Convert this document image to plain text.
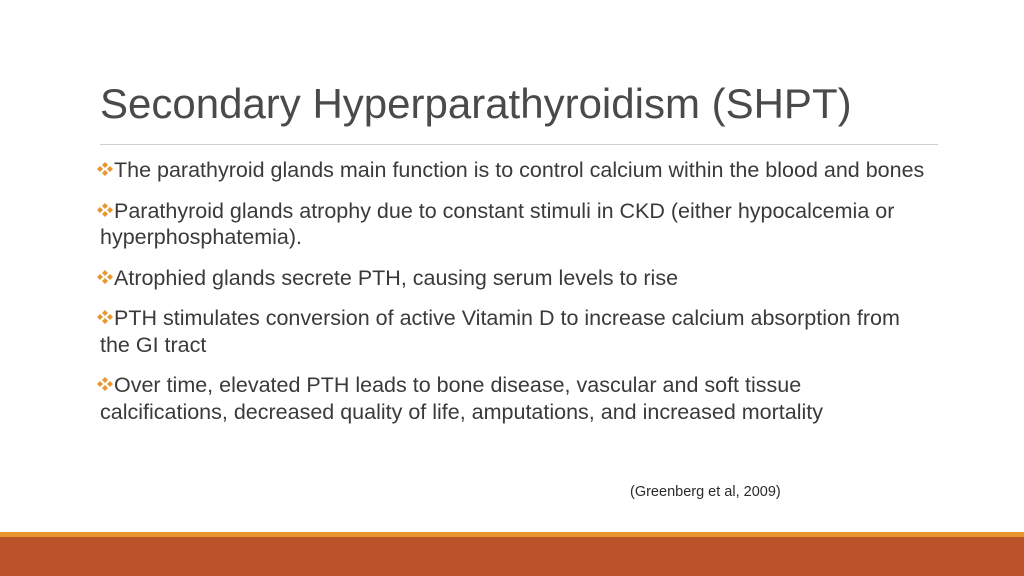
Secondary Hyperparathyroidism (SHPT)
The parathyroid glands main function is to control calcium within the blood and bones
Parathyroid glands atrophy due to constant stimuli in CKD (either hypocalcemia or hyperphosphatemia).
Atrophied glands secrete PTH, causing serum levels to rise
PTH stimulates conversion of active Vitamin D to increase calcium absorption from the GI tract
Over time, elevated PTH leads to bone disease, vascular and soft tissue calcifications, decreased quality of life, amputations, and increased mortality
(Greenberg et al, 2009)
